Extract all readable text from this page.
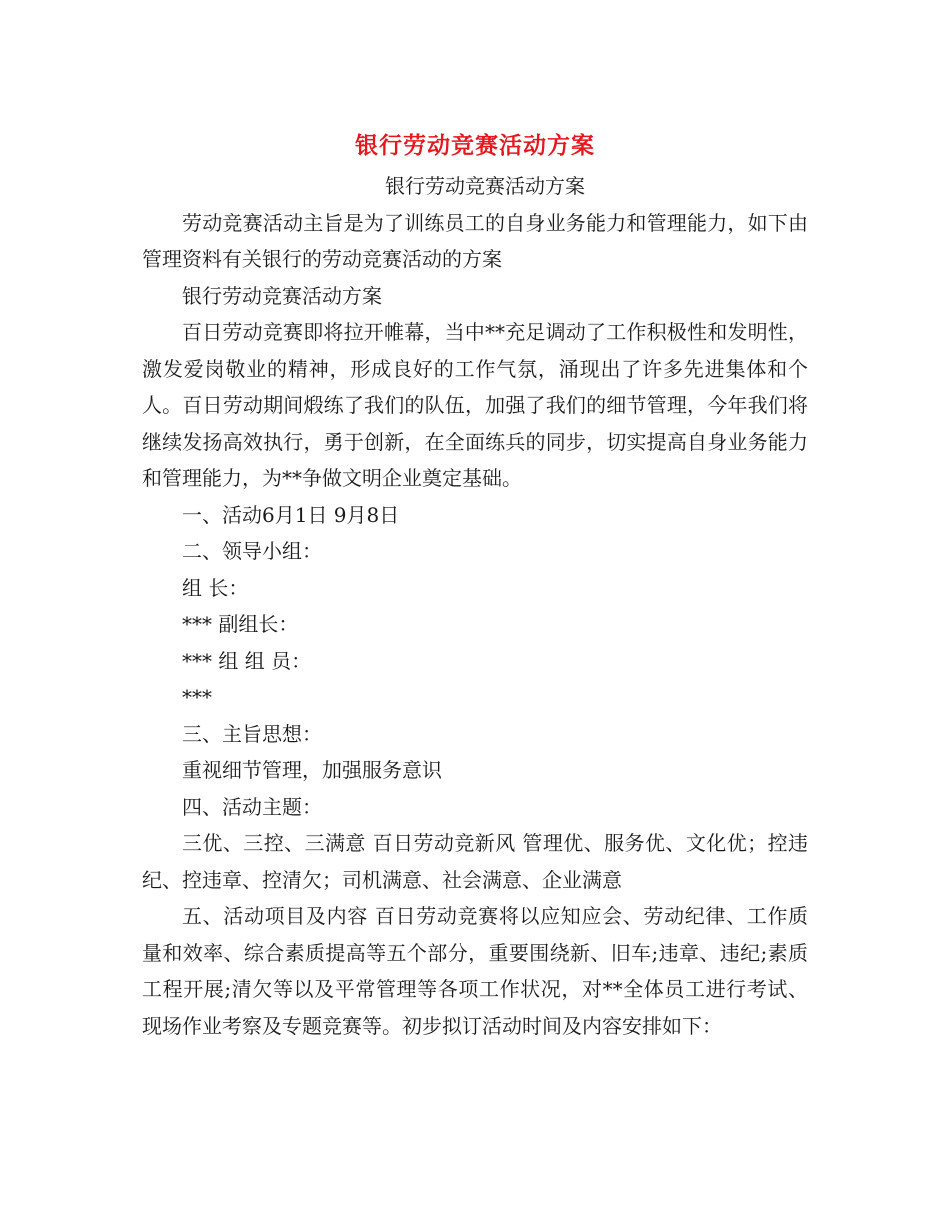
银行劳动竞赛活动方案

银行劳动竞赛活动方案

劳动竞赛活动主旨是为了训练员工的自身业务能力和管理能力，如下由管理资料有关银行的劳动竞赛活动的方案

银行劳动竞赛活动方案

百日劳动竞赛即将拉开帷幕，当中**充足调动了工作积极性和发明性，激发爱岗敬业的精神，形成良好的工作气氛，涌现出了许多先进集体和个人。百日劳动期间煅练了我们的队伍，加强了我们的细节管理，今年我们将继续发扬高效执行，勇于创新，在全面练兵的同步，切实提高自身业务能力和管理能力，为**争做文明企业奠定基础。

一、活动6月1日 9月8日

二、领导小组：

组 长：

*** 副组长：

*** 组 组 员：

***

三、主旨思想：

重视细节管理，加强服务意识

四、活动主题：

三优、三控、三满意 百日劳动竞新风 管理优、服务优、文化优；控违纪、控违章、控清欠；司机满意、社会满意、企业满意

五、活动项目及内容 百日劳动竞赛将以应知应会、劳动纪律、工作质量和效率、综合素质提高等五个部分，重要围绕新、旧车;违章、违纪;素质工程开展;清欠等以及平常管理等各项工作状况，对**全体员工进行考试、现场作业考察及专题竞赛等。初步拟订活动时间及内容安排如下：
